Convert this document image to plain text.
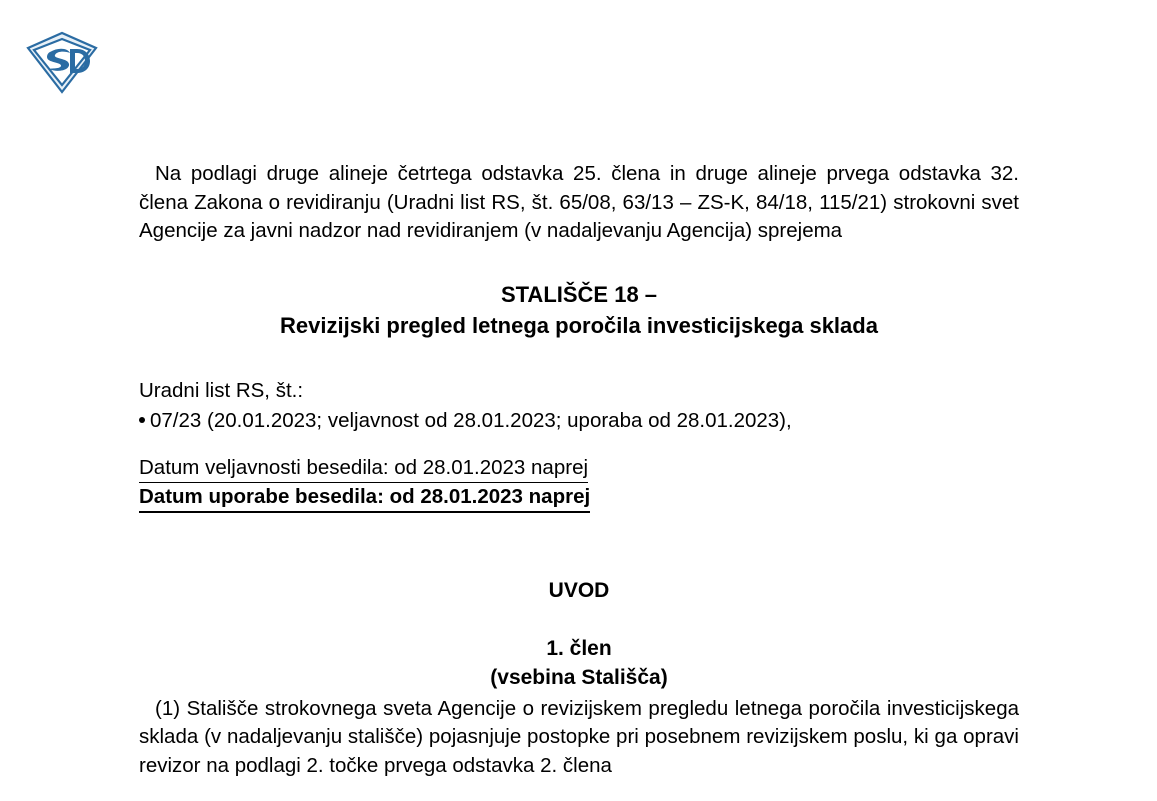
Na podlagi druge alineje četrtega odstavka 25. člena in druge alineje prvega odstavka 32. člena Zakona o revidiranju (Uradni list RS, št. 65/08, 63/13 – ZS-K, 84/18, 115/21) strokovni svet Agencije za javni nadzor nad revidiranjem (v nadaljevanju Agencija) sprejema

STALIŠČE 18 –
Revizijski pregled letnega poročila investicijskega sklada
Uradni list RS, št.:
07/23 (20.01.2023; veljavnost od 28.01.2023; uporaba od 28.01.2023),
Datum veljavnosti besedila: od 28.01.2023 naprej
Datum uporabe besedila: od 28.01.2023 naprej
UVOD
1. člen
(vsebina Stališča)

(1) Stališče strokovnega sveta Agencije o revizijskem pregledu letnega poročila investicijskega sklada (v nadaljevanju stališče) pojasnjuje postopke pri posebnem revizijskem poslu, ki ga opravi revizor na podlagi 2. točke prvega odstavka 2. člena
